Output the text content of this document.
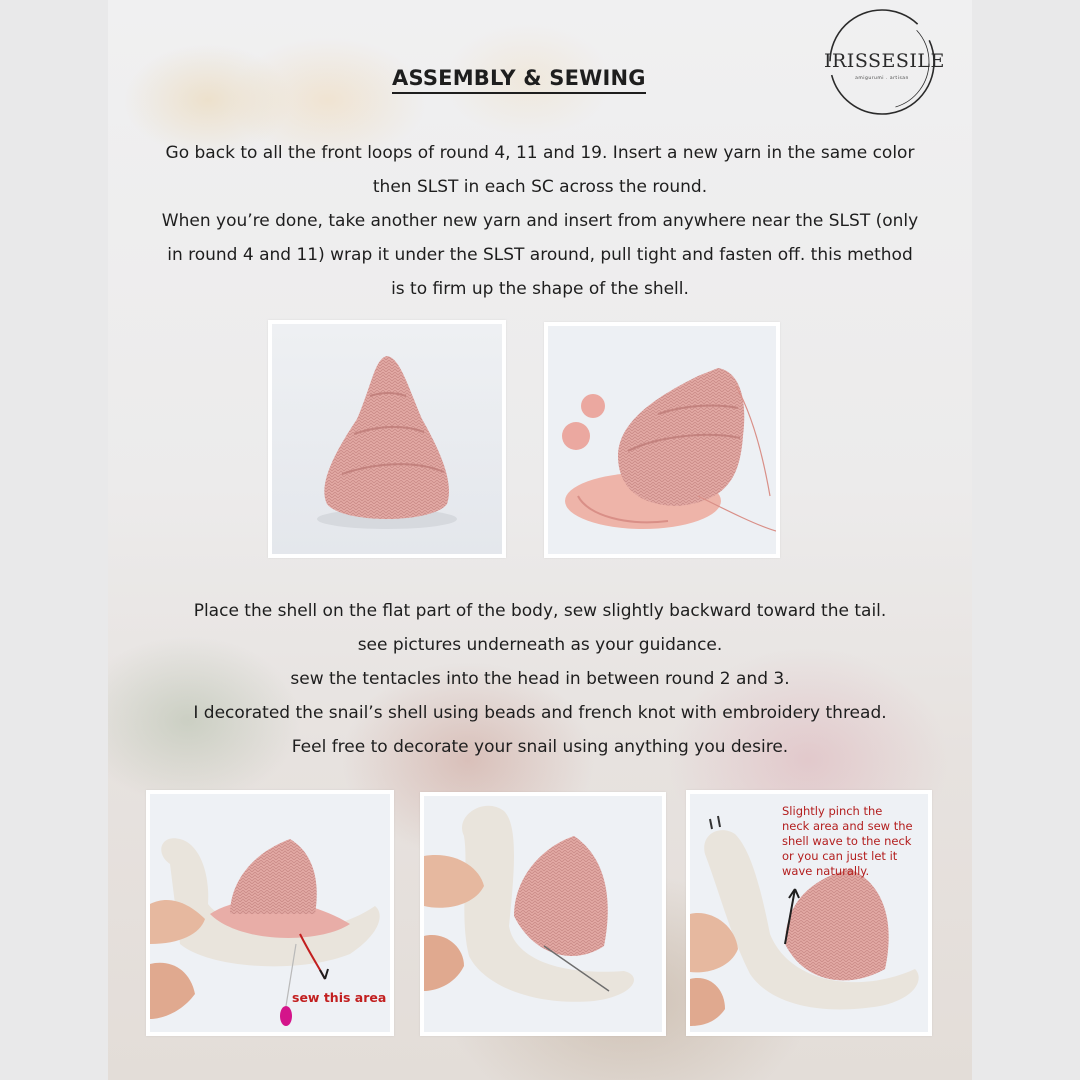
IRISSESILE
amigurumi . artisan
ASSEMBLY & SEWING

Go back to all the front loops of round 4, 11 and 19. Insert a new yarn in the same color
then SLST in each SC across the round.
When you’re done, take another new yarn and insert from anywhere near the SLST (only
in round 4 and 11) wrap it under the SLST around, pull tight and fasten off. this method
is to firm up the shape of the shell.

Place the shell on the flat part of the body, sew slightly backward toward the tail.
see pictures underneath as your guidance.
sew the tentacles into the head in between round 2 and 3.
I decorated the snail’s shell using beads and french knot with embroidery thread.
Feel free to decorate your snail using anything you desire.

sew this area
Slightly pinch the
neck area and sew the
shell wave to the neck
or you can just let it
wave naturally.
